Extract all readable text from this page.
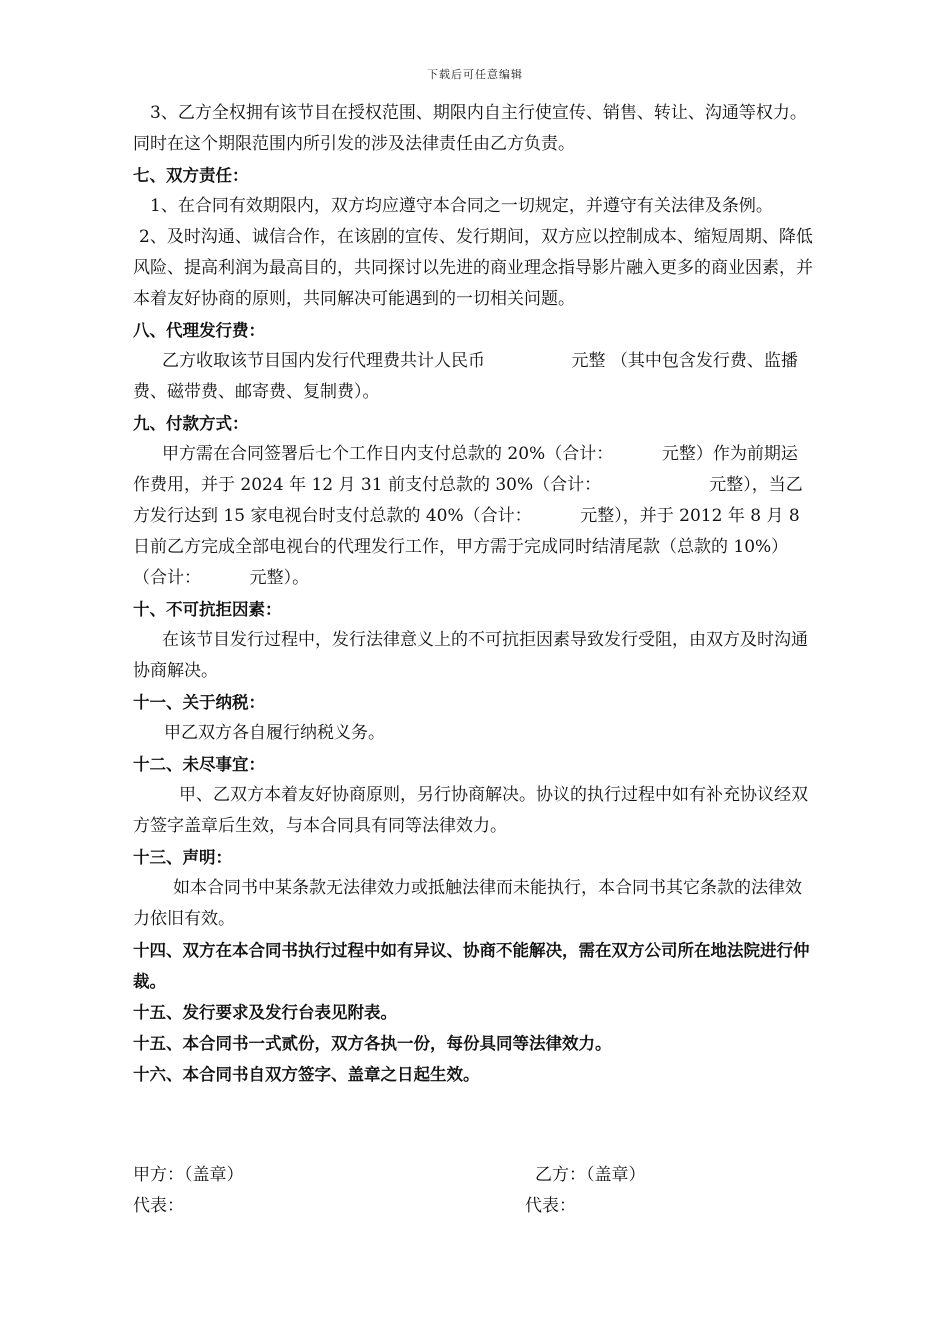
下载后可任意编辑

3、乙方全权拥有该节目在授权范围、期限内自主行使宣传、销售、转让、沟通等权力。同时在这个期限范围内所引发的涉及法律责任由乙方负责。

七、双方责任：

1、在合同有效期限内，双方均应遵守本合同之一切规定，并遵守有关法律及条例。

2、及时沟通、诚信合作，在该剧的宣传、发行期间，双方应以控制成本、缩短周期、降低风险、提高利润为最高目的，共同探讨以先进的商业理念指导影片融入更多的商业因素，并本着友好协商的原则，共同解决可能遇到的一切相关问题。

八、代理发行费：

乙方收取该节目国内发行代理费共计人民币                元整 （其中包含发行费、监播费、磁带费、邮寄费、复制费）。

九、付款方式：

甲方需在合同签署后七个工作日内支付总款的 20%（合计：         元整）作为前期运作费用，并于 2024 年 12 月 31 前支付总款的 30%（合计：                    元整），当乙方发行达到 15 家电视台时支付总款的 40%（合计：         元整），并于 2012 年 8 月 8 日前乙方完成全部电视台的代理发行工作，甲方需于完成同时结清尾款（总款的 10%）（合计：         元整）。

十、不可抗拒因素：

在该节目发行过程中，发行法律意义上的不可抗拒因素导致发行受阻，由双方及时沟通协商解决。

十一、关于纳税：

甲乙双方各自履行纳税义务。

十二、未尽事宜：

甲、乙双方本着友好协商原则，另行协商解决。协议的执行过程中如有补充协议经双方签字盖章后生效，与本合同具有同等法律效力。

十三、声明：

如本合同书中某条款无法律效力或抵触法律而未能执行，本合同书其它条款的法律效力依旧有效。

十四、双方在本合同书执行过程中如有异议、协商不能解决，需在双方公司所在地法院进行仲裁。

十五、发行要求及发行台表见附表。

十五、本合同书一式贰份，双方各执一份，每份具同等法律效力。

十六、本合同书自双方签字、盖章之日起生效。

甲方：（盖章）	乙方：（盖章）
代表：	代表：
